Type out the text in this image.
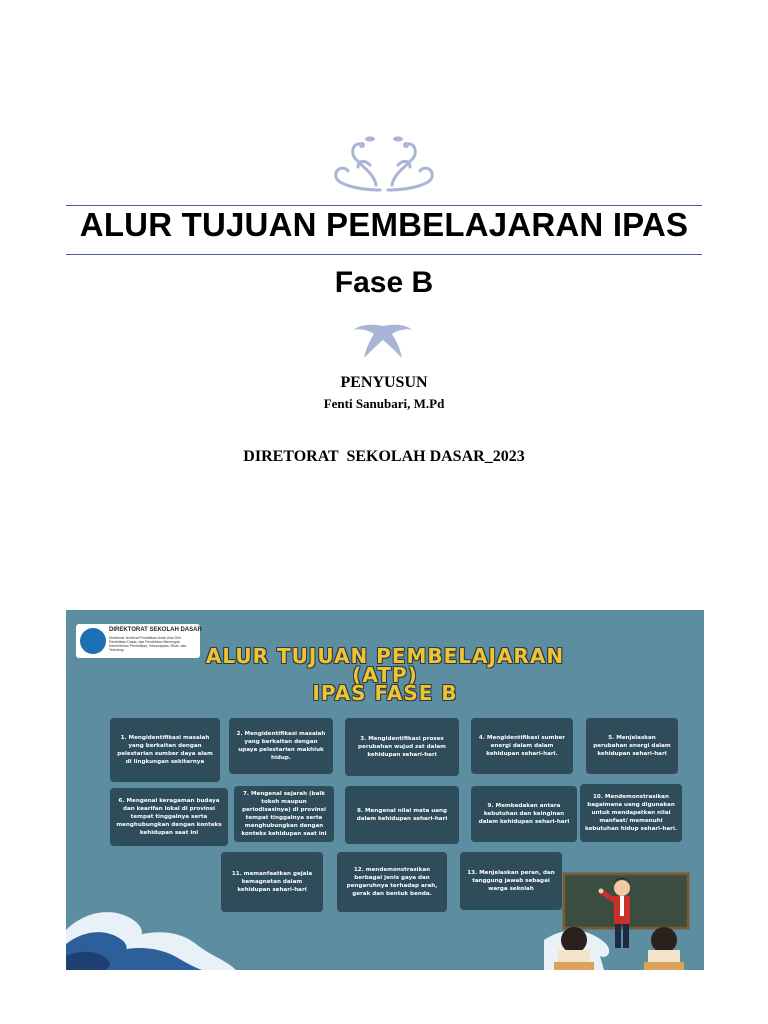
ALUR TUJUAN PEMBELAJARAN IPAS
Fase B
PENYUSUN
Fenti Sanubari, M.Pd
DIRETORAT  SEKOLAH DASAR_2023
DIREKTORAT SEKOLAH DASAR
Direktorat Jenderal Pendidikan Anak Usia Dini, Pendidikan Dasar, dan Pendidikan Menengah Kementerian Pendidikan, Kebudayaan, Riset, dan Teknologi	ALUR TUJUAN PEMBELAJARAN
(ATP)
IPAS FASE B
1. Mengidentifikasi masalah yang berkaitan dengan pelestarian sumber daya alam di lingkungan sekitarnya
2. Mengidentifikasi masalah yang berkaitan dengan upaya pelestarian makhluk hidup.
3. Mengidentifikasi proses perubahan wujud zat dalam kehidupan sehari-hari
4. Mengidentifikasi sumber energi dalam dalam kehidupan sehari-hari.
5. Menjelaskan perubahan energi dalam kehidupan sehari-hari
6. Mengenal keragaman budaya dan kearifan lokal di provinsi tempat tinggalnya serta menghubungkan dengan konteks kehidupan saat ini
7. Mengenal sejarah (baik tokoh maupun periodisasinya) di provinsi tempat tinggalnya serta menghubungkan dengan konteks kehidupan saat ini
8. Mengenal nilai mata uang dalam kehidupan sehari-hari
9. Membedakan antara kebutuhan dan keinginan dalam kehidupan sehari-hari
10. Mendemonstrasikan bagaimana uang digunakan untuk mendapatkan nilai manfaat/ memenuhi kebutuhan hidup sehari-hari.
11. memanfaatkan gejala kemagnetan dalam kehidupan sehari-hari
12. mendemonstrasikan berbagai jenis gaya dan pengaruhnya terhadap arah, gerak dan bentuk benda.
13. Menjelaskan peran, dan tanggung jawab sebagai warga sekolah
